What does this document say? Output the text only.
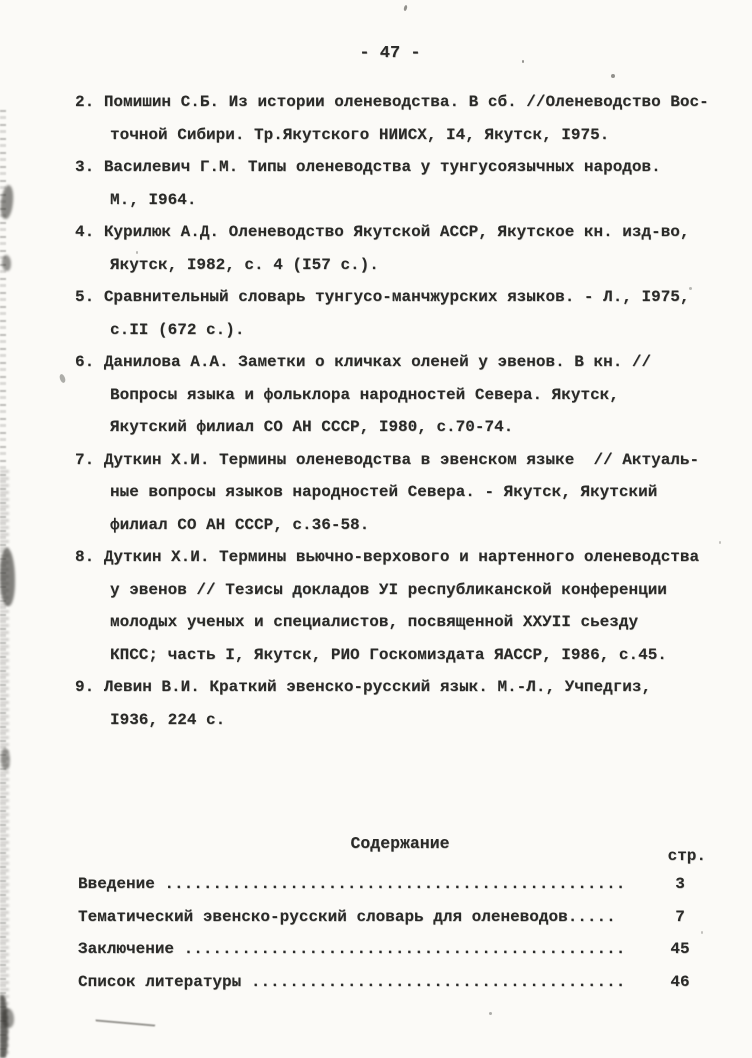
- 47 -
2. Помишин С.Б. Из истории оленеводства. В сб. //Оленеводство Вос-
точной Сибири. Тр.Якутского НИИСХ, I4, Якутск, I975.
3. Василевич Г.М. Типы оленеводства у тунгусоязычных народов.
М., I964.
4. Курилюк А.Д. Оленеводство Якутской АССР, Якутское кн. изд-во,
Якутск, I982, с. 4 (I57 с.).
5. Сравнительный словарь тунгусо-манчжурских языков. - Л., I975,
с.II (672 с.).
6. Данилова А.А. Заметки о кличках оленей у эвенов. В кн. //
Вопросы языка и фольклора народностей Севера. Якутск,
Якутский филиал СО АН СССР, I980, с.70-74.
7. Дуткин Х.И. Термины оленеводства в эвенском языке  // Актуаль-
ные вопросы языков народностей Севера. - Якутск, Якутский
филиал СО АН СССР, с.36-58.
8. Дуткин Х.И. Термины вьючно-верхового и нартенного оленеводства
у эвенов // Тезисы докладов УI республиканской конференции
молодых ученых и специалистов, посвященной XXУII сьезду
КПСС; часть I, Якутск, РИО Госкомиздата ЯАССР, I986, с.45.
9. Левин В.И. Краткий эвенско-русский язык. М.-Л., Учпедгиз,
I936, 224 с.
Содержание
стр.
Введение ................................................	3
Тематический эвенско-русский словарь для оленеводов.....	7
Заключение ..............................................	45
Список литературы .......................................	46
